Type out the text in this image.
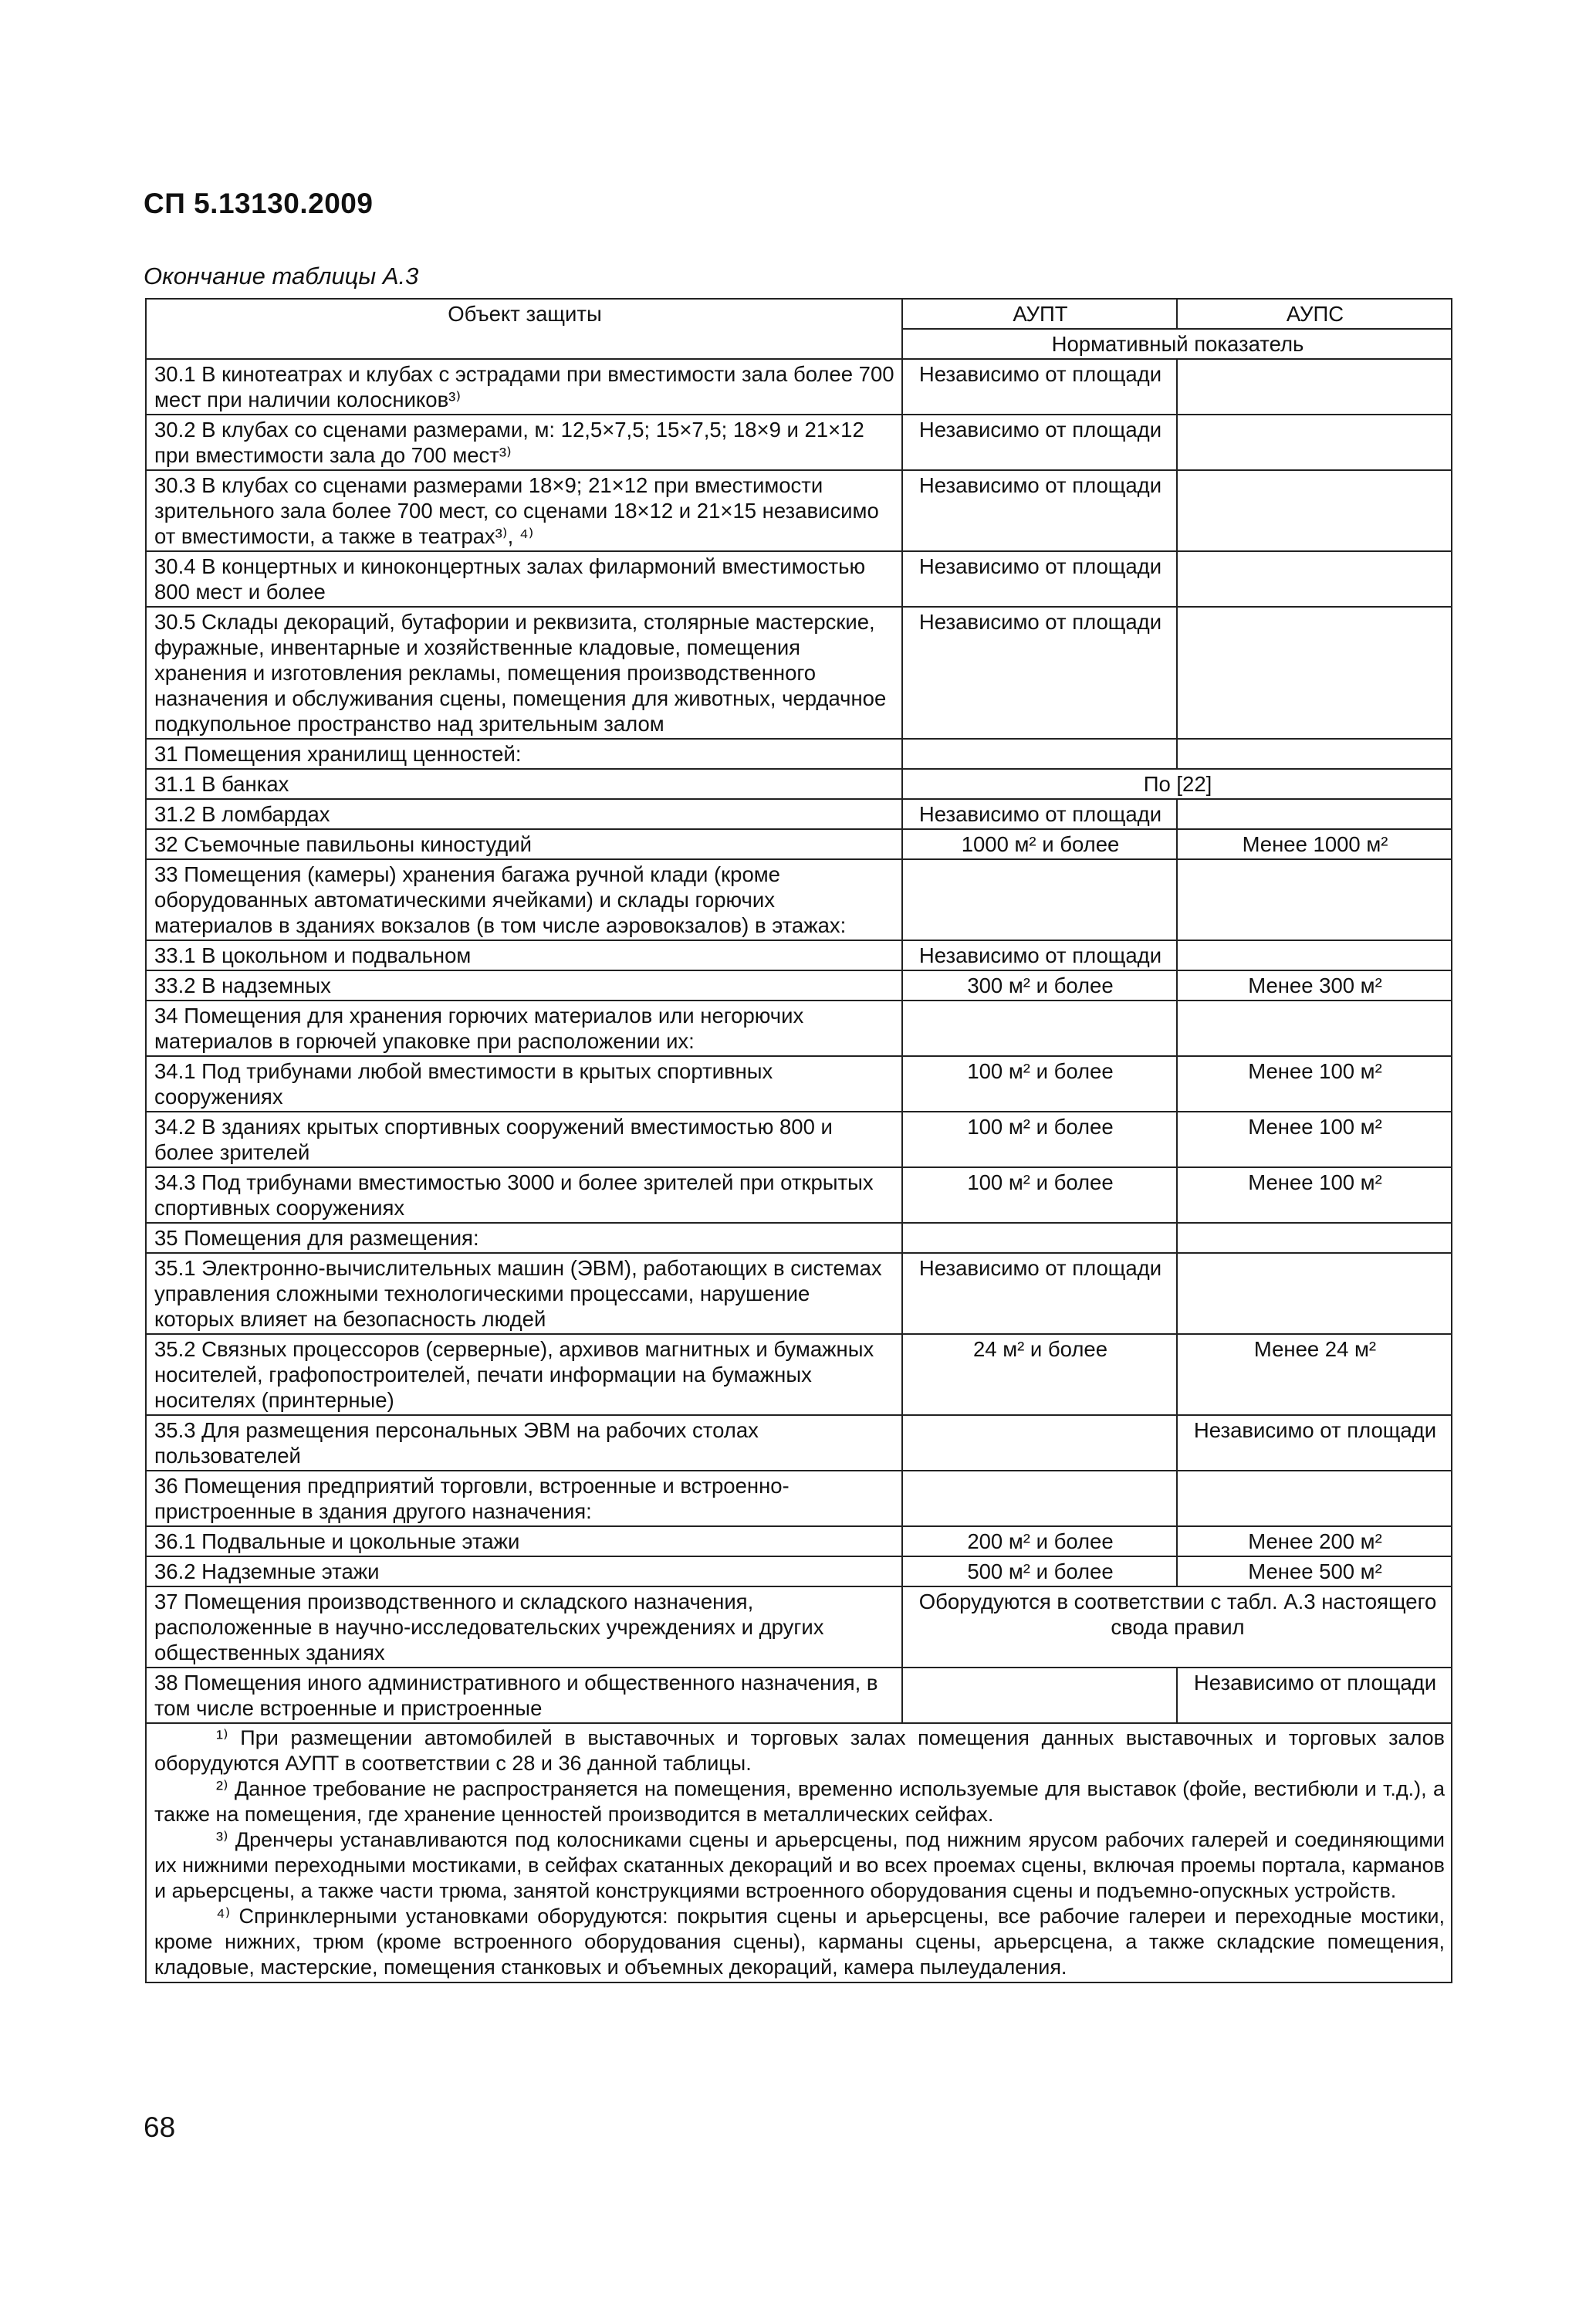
СП 5.13130.2009
Окончание таблицы А.3
Объект защиты	АУПТ	АУПС
	Нормативный показатель	
30.1 В кинотеатрах и клубах с эстрадами при вместимости зала более 700 мест при наличии колосников³⁾	Независимо от площади	
30.2 В клубах со сценами размерами, м: 12,5×7,5; 15×7,5; 18×9 и 21×12 при вместимости зала до 700 мест³⁾	Независимо от площади	
30.3 В клубах со сценами размерами 18×9; 21×12 при вместимости зрительного зала более 700 мест, со сценами 18×12 и 21×15 независимо от вместимости, а также в театрах³⁾, ⁴⁾	Независимо от площади	
30.4 В концертных и киноконцертных залах филармоний вместимостью 800 мест и более	Независимо от площади	
30.5 Склады декораций, бутафории и реквизита, столярные мастерские, фуражные, инвентарные и хозяйственные кладовые, помещения хранения и изготовления рекламы, помещения производственного назначения и обслуживания сцены, помещения для животных, чердачное подкупольное пространство над зрительным залом	Независимо от площади	
31 Помещения хранилищ ценностей:		
31.1 В банках	По [22]	
31.2 В ломбардах	Независимо от площади	
32 Съемочные павильоны киностудий	1000 м² и более	Менее 1000 м²
33 Помещения (камеры) хранения багажа ручной клади (кроме оборудованных автоматическими ячейками) и склады горючих материалов в зданиях вокзалов (в том числе аэровокзалов) в этажах:		
33.1 В цокольном и подвальном	Независимо от площади	
33.2 В надземных	300 м² и более	Менее 300 м²
34 Помещения для хранения горючих материалов или негорючих материалов в горючей упаковке при расположении их:		
34.1 Под трибунами любой вместимости в крытых спортивных сооружениях	100 м² и более	Менее 100 м²
34.2 В зданиях крытых спортивных сооружений вместимостью 800 и более зрителей	100 м² и более	Менее 100 м²
34.3 Под трибунами вместимостью 3000 и более зрителей при открытых спортивных сооружениях	100 м² и более	Менее 100 м²
35 Помещения для размещения:		
35.1 Электронно-вычислительных машин (ЭВМ), работающих в системах управления сложными технологическими процессами, нарушение которых влияет на безопасность людей	Независимо от площади	
35.2 Связных процессоров (серверные), архивов магнитных и бумажных носителей, графопостроителей, печати информации на бумажных носителях (принтерные)	24 м² и более	Менее 24 м²
35.3 Для размещения персональных ЭВМ на рабочих столах пользователей		Независимо от площади
36 Помещения предприятий торговли, встроенные и встроенно-пристроенные в здания другого назначения:		
36.1 Подвальные и цокольные этажи	200 м² и более	Менее 200 м²
36.2 Надземные этажи	500 м² и более	Менее 500 м²
37 Помещения производственного и складского назначения, расположенные в научно-исследовательских учреждениях и других общественных зданиях	Оборудуются в соответствии с табл. А.3 настоящего свода правил	
38 Помещения иного административного и общественного назначения, в том числе встроенные и пристроенные		Независимо от площади

¹⁾ При размещении автомобилей в выставочных и торговых залах помещения данных выставочных и торговых залов оборудуются АУПТ в соответствии с 28 и 36 данной таблицы.

²⁾ Данное требование не распространяется на помещения, временно используемые для выставок (фойе, вестибюли и т.д.), а также на помещения, где хранение ценностей производится в металлических сейфах.

³⁾ Дренчеры устанавливаются под колосниками сцены и арьерсцены, под нижним ярусом рабочих галерей и соединяющими их нижними переходными мостиками, в сейфах скатанных декораций и во всех проемах сцены, включая проемы портала, карманов и арьерсцены, а также части трюма, занятой конструкциями встроенного оборудования сцены и подъемно-опускных устройств.

⁴⁾ Спринклерными установками оборудуются: покрытия сцены и арьерсцены, все рабочие галереи и переходные мостики, кроме нижних, трюм (кроме встроенного оборудования сцены), карманы сцены, арьерсцена, а также складские помещения, кладовые, мастерские, помещения станковых и объемных декораций, камера пылеудаления.		

68
